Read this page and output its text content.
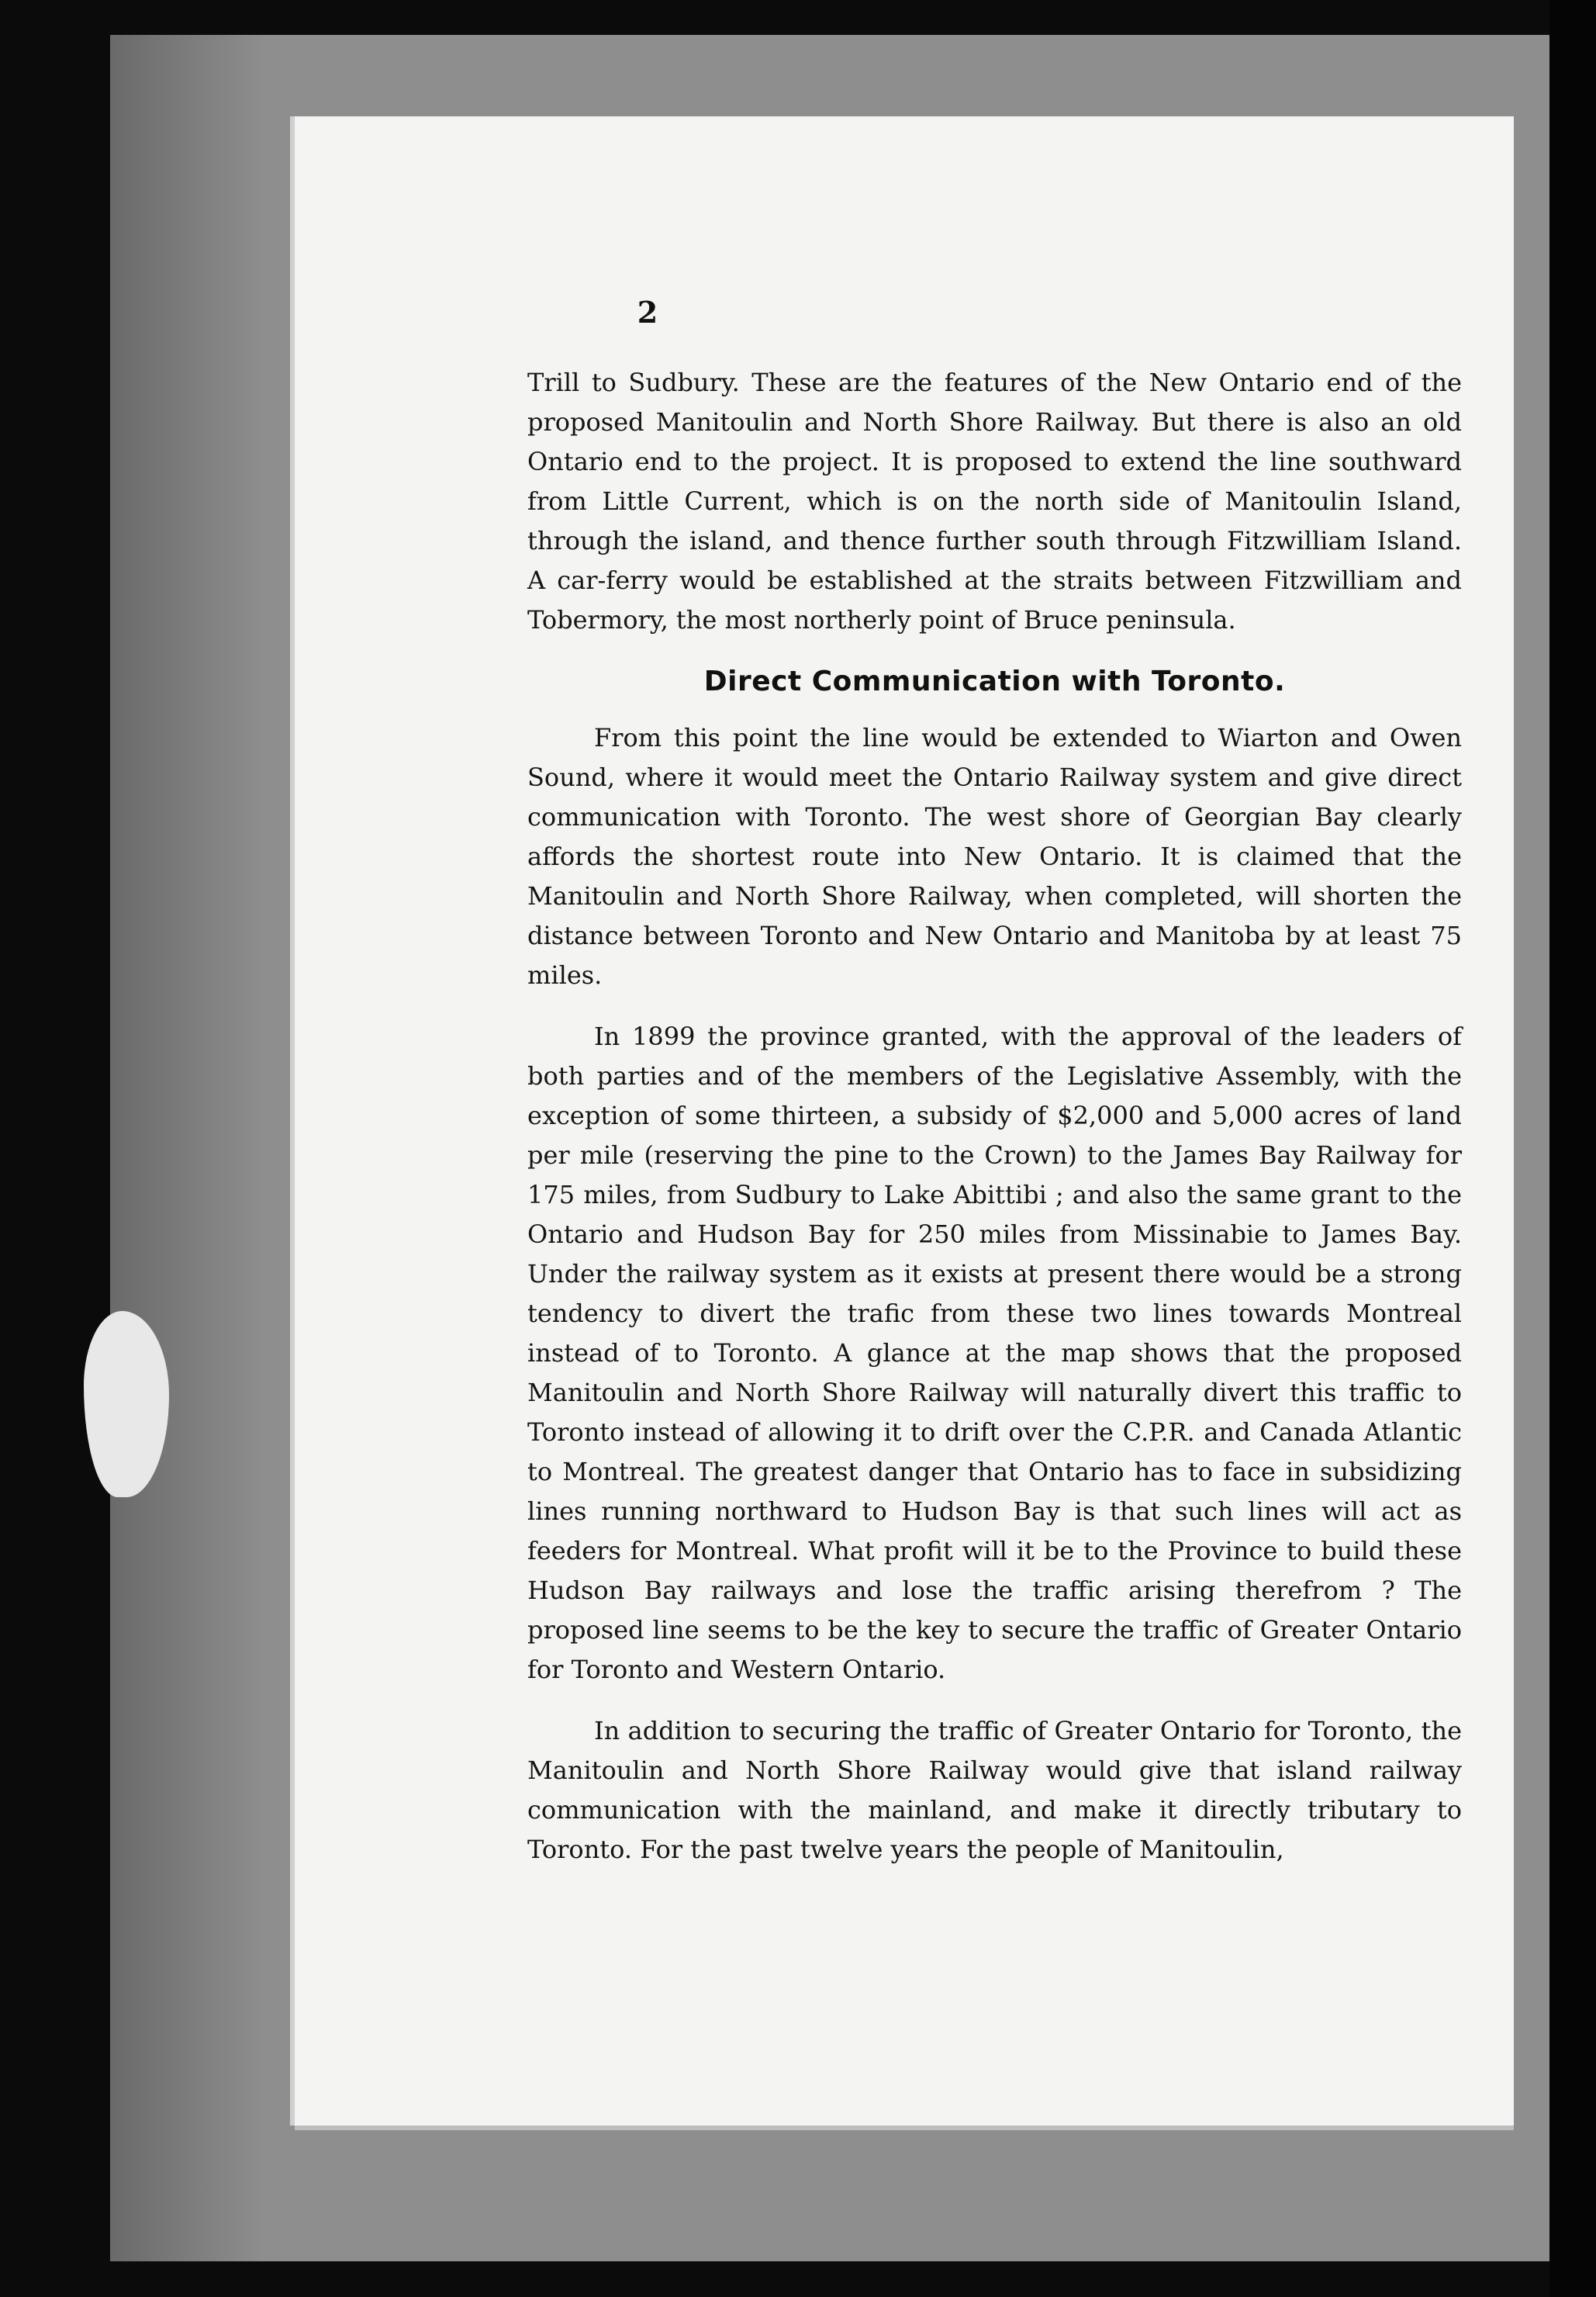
2

Trill to Sudbury. These are the features of the New Ontario end of the proposed Manitoulin and North Shore Railway. But there is also an old Ontario end to the project. It is proposed to extend the line southward from Little Current, which is on the north side of Manitoulin Island, through the island, and thence further south through Fitzwilliam Island. A car-ferry would be established at the straits between Fitzwilliam and Tobermory, the most northerly point of Bruce peninsula.

Direct Communication with Toronto.

From this point the line would be extended to Wiarton and Owen Sound, where it would meet the Ontario Railway system and give direct communication with Toronto. The west shore of Georgian Bay clearly affords the shortest route into New Ontario. It is claimed that the Manitoulin and North Shore Railway, when completed, will shorten the distance between Toronto and New Ontario and Manitoba by at least 75 miles.

In 1899 the province granted, with the approval of the leaders of both parties and of the members of the Legislative Assembly, with the exception of some thirteen, a subsidy of $2,000 and 5,000 acres of land per mile (reserving the pine to the Crown) to the James Bay Railway for 175 miles, from Sudbury to Lake Abittibi ; and also the same grant to the Ontario and Hudson Bay for 250 miles from Missinabie to James Bay. Under the railway system as it exists at present there would be a strong tendency to divert the trafic from these two lines towards Montreal instead of to Toronto. A glance at the map shows that the proposed Manitoulin and North Shore Railway will naturally divert this traffic to Toronto instead of allowing it to drift over the C.P.R. and Canada Atlantic to Montreal. The greatest danger that Ontario has to face in subsidizing lines running northward to Hudson Bay is that such lines will act as feeders for Montreal. What profit will it be to the Province to build these Hudson Bay railways and lose the traffic arising therefrom ? The proposed line seems to be the key to secure the traffic of Greater Ontario for Toronto and Western Ontario.

In addition to securing the traffic of Greater Ontario for Toronto, the Manitoulin and North Shore Railway would give that island railway communication with the mainland, and make it directly tributary to Toronto. For the past twelve years the people of Manitoulin,
